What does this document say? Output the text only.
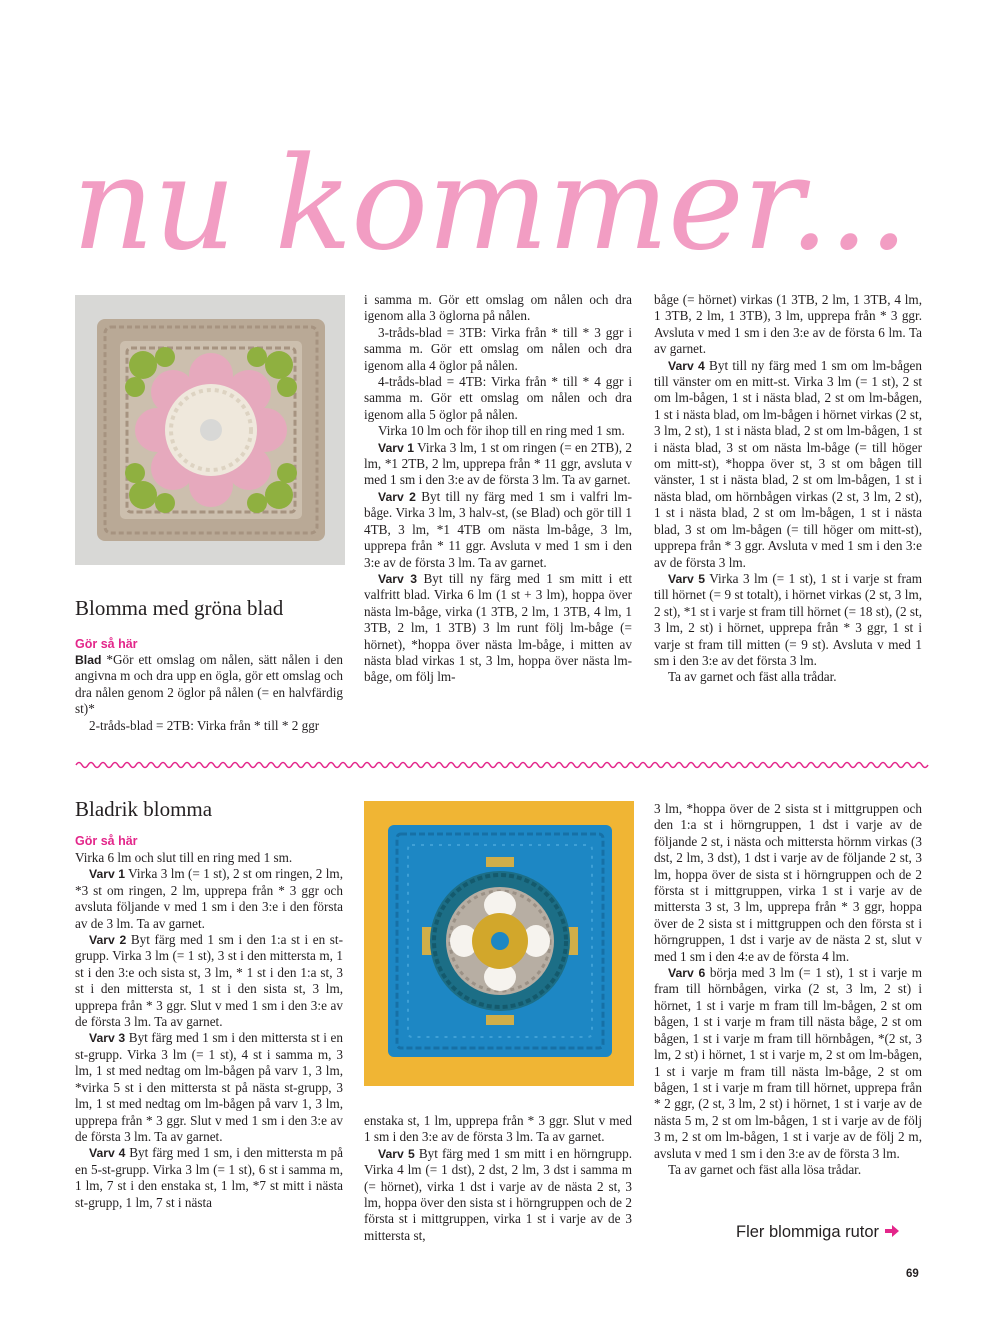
nu kommer...
Blomma med gröna blad

Gör så här

Blad *Gör ett omslag om nålen, sätt nålen i den angivna m och dra upp en ögla, gör ett omslag och dra nålen genom 2 öglor på nålen (= en halvfärdig st)*

2-tråds-blad = 2TB: Virka från * till * 2 ggr

i samma m. Gör ett omslag om nålen och dra igenom alla 3 öglorna på nålen.

3-tråds-blad = 3TB: Virka från * till * 3 ggr i samma m. Gör ett omslag om nålen och dra igenom alla 4 öglor på nålen.

4-tråds-blad = 4TB: Virka från * till * 4 ggr i samma m. Gör ett omslag om nålen och dra igenom alla 5 öglor på nålen.

Virka 10 lm och för ihop till en ring med 1 sm.

Varv 1 Virka 3 lm, 1 st om ringen (= en 2TB), 2 lm, *1 2TB, 2 lm, upprepa från * 11 ggr, avsluta v med 1 sm i den 3:e av de första 3 lm. Ta av garnet.

Varv 2 Byt till ny färg med 1 sm i valfri lm-båge. Virka 3 lm, 3 halv-st, (se Blad) och gör till 1 4TB, 3 lm, *1 4TB om nästa lm-båge, 3 lm, upprepa från * 11 ggr. Avsluta v med 1 sm i den 3:e av de första 3 lm. Ta av garnet.

Varv 3 Byt till ny färg med 1 sm mitt i ett valfritt blad. Virka 6 lm (1 st + 3 lm), hoppa över nästa lm-båge, virka (1 3TB, 2 lm, 1 3TB, 4 lm, 1 3TB, 2 lm, 1 3TB) 3 lm runt följ lm-båge (= hörnet), *hoppa över nästa lm-båge, i mitten av nästa blad virkas 1 st, 3 lm, hoppa över nästa lm-båge, om följ lm-

båge (= hörnet) virkas (1 3TB, 2 lm, 1 3TB, 4 lm, 1 3TB, 2 lm, 1 3TB), 3 lm, upprepa från * 3 ggr. Avsluta v med 1 sm i den 3:e av de första 6 lm. Ta av garnet.

Varv 4 Byt till ny färg med 1 sm om lm-bågen till vänster om en mitt-st. Virka 3 lm (= 1 st), 2 st om lm-bågen, 1 st i nästa blad, 2 st om lm-bågen, 1 st i nästa blad, om lm-bågen i hörnet virkas (2 st, 3 lm, 2 st), 1 st i nästa blad, 2 st om lm-bågen, 1 st i nästa blad, 3 st om nästa lm-båge (= till höger om mitt-st), *hoppa över st, 3 st om bågen till vänster, 1 st i nästa blad, 2 st om lm-bågen, 1 st i nästa blad, om hörnbågen virkas (2 st, 3 lm, 2 st), 1 st i nästa blad, 2 st om lm-bågen, 1 st i nästa blad, 3 st om lm-bågen (= till höger om mitt-st), upprepa från * 3 ggr. Avsluta v med 1 sm i den 3:e av de första 3 lm.

Varv 5 Virka 3 lm (= 1 st), 1 st i varje st fram till hörnet (= 9 st totalt), i hörnet virkas (2 st, 3 lm, 2 st), *1 st i varje st fram till hörnet (= 18 st), (2 st, 3 lm, 2 st) i hörnet, upprepa från * 3 ggr, 1 st i varje st fram till mitten (= 9 st). Avsluta v med 1 sm i den 3:e av det första 3 lm.

Ta av garnet och fäst alla trådar.

Bladrik blomma

Gör så här

Virka 6 lm och slut till en ring med 1 sm.

Varv 1 Virka 3 lm (= 1 st), 2 st om ringen, 2 lm, *3 st om ringen, 2 lm, upprepa från * 3 ggr och avsluta följande v med 1 sm i den 3:e i den första av de 3 lm. Ta av garnet.

Varv 2 Byt färg med 1 sm i den 1:a st i en st-grupp. Virka 3 lm (= 1 st), 3 st i den mittersta m, 1 st i den 3:e och sista st, 3 lm, * 1 st i den 1:a st, 3 st i den mittersta st, 1 st i den sista st, 3 lm, upprepa från * 3 ggr. Slut v med 1 sm i den 3:e av de första 3 lm. Ta av garnet.

Varv 3 Byt färg med 1 sm i den mittersta st i en st-grupp. Virka 3 lm (= 1 st), 4 st i samma m, 3 lm, 1 st med nedtag om lm-bågen på varv 1, 3 lm, *virka 5 st i den mittersta st på nästa st-grupp, 3 lm, 1 st med nedtag om lm-bågen på varv 1, 3 lm, upprepa från * 3 ggr. Slut v med 1 sm i den 3:e av de första 3 lm. Ta av garnet.

Varv 4 Byt färg med 1 sm, i den mittersta m på en 5-st-grupp. Virka 3 lm (= 1 st), 6 st i samma m, 1 lm, 7 st i den enstaka st, 1 lm, *7 st mitt i nästa st-grupp, 1 lm, 7 st i nästa

enstaka st, 1 lm, upprepa från * 3 ggr. Slut v med 1 sm i den 3:e av de första 3 lm. Ta av garnet.

Varv 5 Byt färg med 1 sm mitt i en hörngrupp. Virka 4 lm (= 1 dst), 2 dst, 2 lm, 3 dst i samma m (= hörnet), virka 1 dst i varje av de nästa 2 st, 3 lm, hoppa över den sista st i hörngruppen och de 2 första st i mittgruppen, virka 1 st i varje av de 3 mittersta st,

3 lm, *hoppa över de 2 sista st i mittgruppen och den 1:a st i hörngruppen, 1 dst i varje av de följande 2 st, i nästa och mittersta hörnm virkas (3 dst, 2 lm, 3 dst), 1 dst i varje av de följande 2 st, 3 lm, hoppa över de sista st i hörngruppen och de 2 första st i mittgruppen, virka 1 st i varje av de mittersta 3 st, 3 lm, upprepa från * 3 ggr, hoppa över de 2 sista st i mittgruppen och den första st i hörngruppen, 1 dst i varje av de nästa 2 st, slut v med 1 sm i den 4:e av de första 4 lm.

Varv 6 börja med 3 lm (= 1 st), 1 st i varje m fram till hörnbågen, virka (2 st, 3 lm, 2 st) i hörnet, 1 st i varje m fram till lm-bågen, 2 st om bågen, 1 st i varje m fram till nästa båge, 2 st om bågen, 1 st i varje m fram till hörnbågen, *(2 st, 3 lm, 2 st) i hörnet, 1 st i varje m, 2 st om lm-bågen, 1 st i varje m fram till nästa lm-båge, 2 st om bågen, 1 st i varje m fram till hörnet, upprepa från * 2 ggr, (2 st, 3 lm, 2 st) i hörnet, 1 st i varje av de nästa 5 m, 2 st om lm-bågen, 1 st i varje av de följ 3 m, 2 st om lm-bågen, 1 st i varje av de följ 2 m, avsluta v med 1 sm i den 3:e av de första 3 lm.

Ta av garnet och fäst alla lösa trådar.

Fler blommiga rutor
69
